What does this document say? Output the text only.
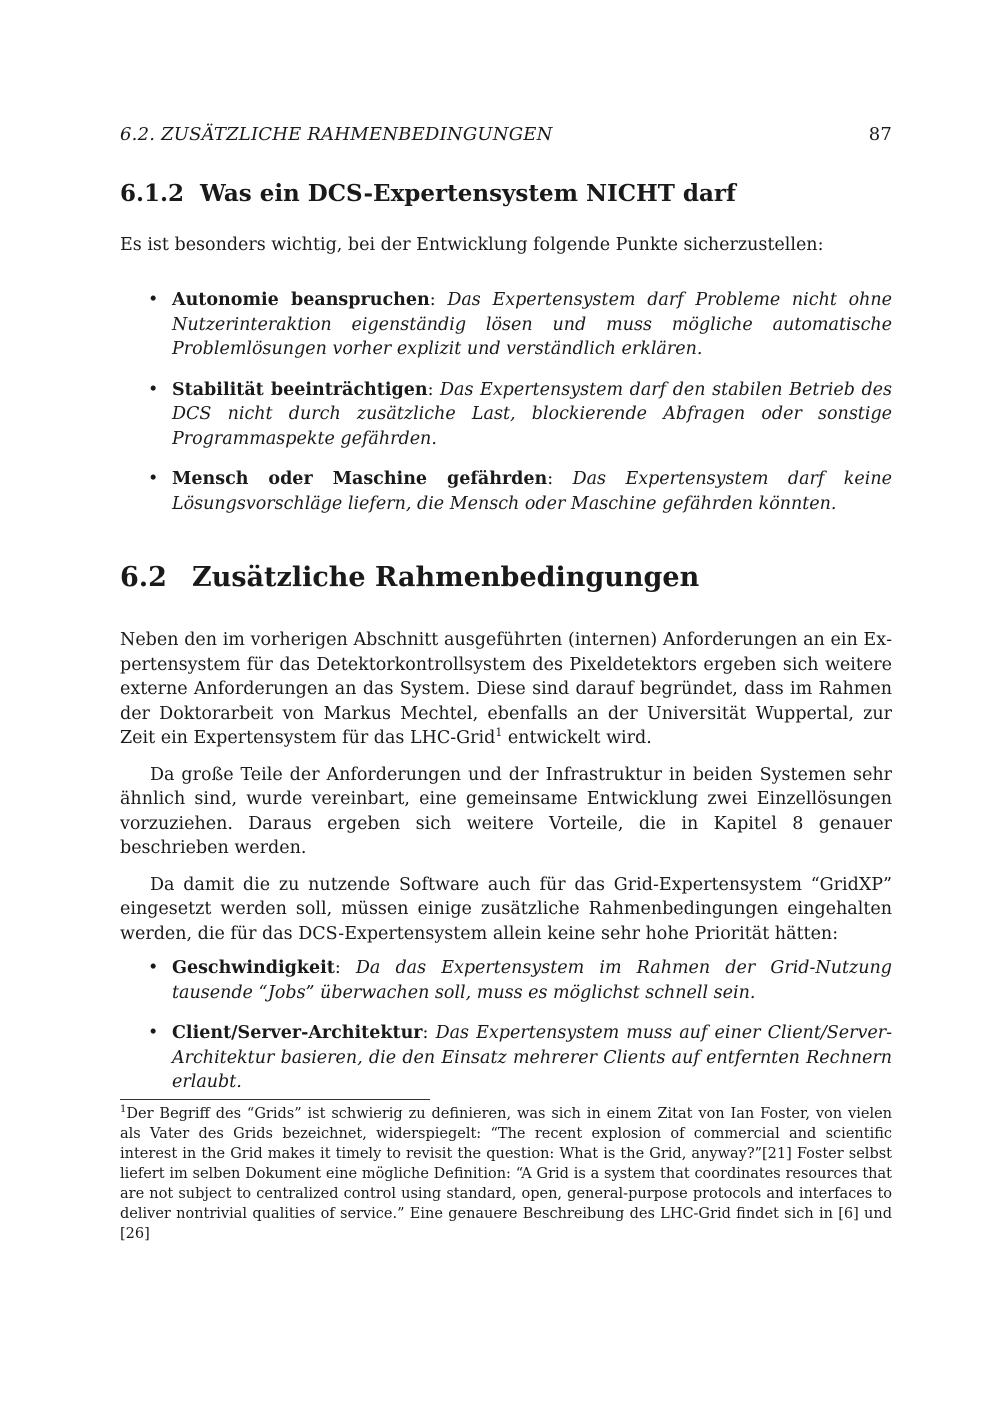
6.2. ZUSÄTZLICHE RAHMENBEDINGUNGEN	87
6.1.2 Was ein DCS-Expertensystem NICHT darf

Es ist besonders wichtig, bei der Entwicklung folgende Punkte sicherzustellen:

• Autonomie beanspruchen: Das Expertensystem darf Probleme nicht ohne Nutzerinteraktion eigenständig lösen und muss mögliche automatische Problemlösungen vorher explizit und verständlich erklären.
• Stabilität beeinträchtigen: Das Expertensystem darf den stabilen Betrieb des DCS nicht durch zusätzliche Last, blockierende Abfragen oder sonstige Programmaspekte gefährden.
• Mensch oder Maschine gefährden: Das Expertensystem darf keine Lösungsvorschläge liefern, die Mensch oder Maschine gefährden könnten.
6.2 Zusätzliche Rahmenbedingungen

Neben den im vorherigen Abschnitt ausgeführten (internen) Anforderungen an ein Expertensystem für das Detektorkontrollsystem des Pixeldetektors ergeben sich weitere externe Anforderungen an das System. Diese sind darauf begründet, dass im Rahmen der Doktorarbeit von Markus Mechtel, ebenfalls an der Universität Wuppertal, zur Zeit ein Expertensystem für das LHC-Grid$^1$ entwickelt wird.

Da große Teile der Anforderungen und der Infrastruktur in beiden Systemen sehr ähnlich sind, wurde vereinbart, eine gemeinsame Entwicklung zwei Einzellösungen vorzuziehen. Daraus ergeben sich weitere Vorteile, die in Kapitel 8 genauer beschrieben werden.

Da damit die zu nutzende Software auch für das Grid-Expertensystem “GridXP” eingesetzt werden soll, müssen einige zusätzliche Rahmenbedingungen eingehalten werden, die für das DCS-Expertensystem allein keine sehr hohe Priorität hätten:

• Geschwindigkeit: Da das Expertensystem im Rahmen der Grid-Nutzung tausende “Jobs” überwachen soll, muss es möglichst schnell sein.
• Client/Server-Architektur: Das Expertensystem muss auf einer Client/Server-Architektur basieren, die den Einsatz mehrerer Clients auf entfernten Rechnern erlaubt.

$^1$Der Begriff des “Grids” ist schwierig zu definieren, was sich in einem Zitat von Ian Foster, von vielen als Vater des Grids bezeichnet, widerspiegelt: “The recent explosion of commercial and scientific interest in the Grid makes it timely to revisit the question: What is the Grid, anyway?”[21] Foster selbst liefert im selben Dokument eine mögliche Definition: “A Grid is a system that coordinates resources that are not subject to centralized control using standard, open, general-purpose protocols and interfaces to deliver nontrivial qualities of service.” Eine genauere Beschreibung des LHC-Grid findet sich in [6] und [26]
